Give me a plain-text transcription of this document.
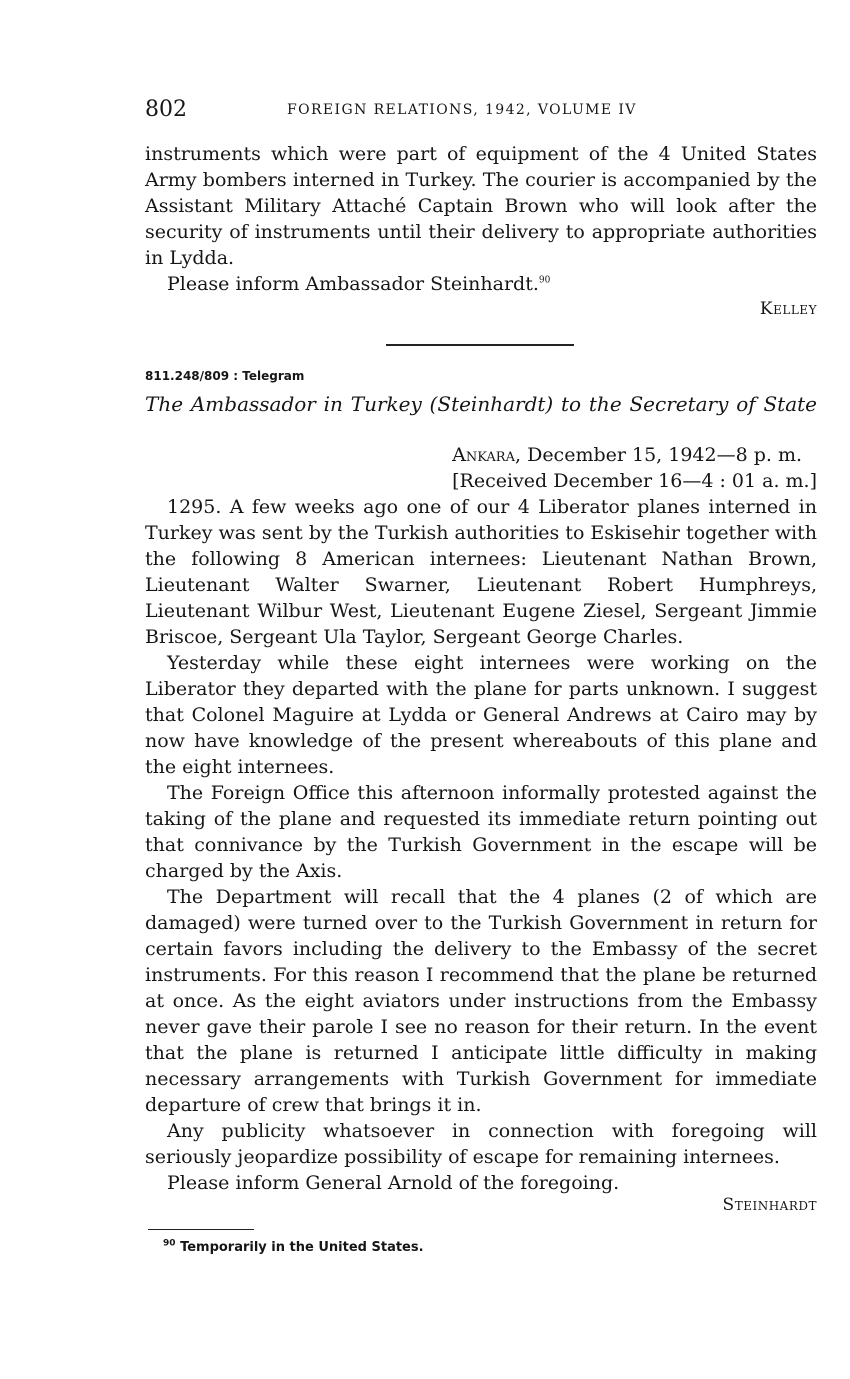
802	FOREIGN RELATIONS, 1942, VOLUME IV

instruments which were part of equipment of the 4 United States Army bombers interned in Turkey. The courier is accompanied by the Assistant Military Attaché Captain Brown who will look after the security of instruments until their delivery to appropriate authorities in Lydda.

Please inform Ambassador Steinhardt.$^{90}$

Kelley
811.248/809 : Telegram
The Ambassador in Turkey (Steinhardt) to the Secretary of State
Ankara, December 15, 1942—8 p. m.
[Received December 16—4 : 01 a. m.]

1295. A few weeks ago one of our 4 Liberator planes interned in Turkey was sent by the Turkish authorities to Eskisehir together with the following 8 American internees: Lieutenant Nathan Brown, Lieutenant Walter Swarner, Lieutenant Robert Humphreys, Lieutenant Wilbur West, Lieutenant Eugene Ziesel, Sergeant Jimmie Briscoe, Sergeant Ula Taylor, Sergeant George Charles.

Yesterday while these eight internees were working on the Liberator they departed with the plane for parts unknown. I suggest that Colonel Maguire at Lydda or General Andrews at Cairo may by now have knowledge of the present whereabouts of this plane and the eight internees.

The Foreign Office this afternoon informally protested against the taking of the plane and requested its immediate return pointing out that connivance by the Turkish Government in the escape will be charged by the Axis.

The Department will recall that the 4 planes (2 of which are damaged) were turned over to the Turkish Government in return for certain favors including the delivery to the Embassy of the secret instruments. For this reason I recommend that the plane be returned at once. As the eight aviators under instructions from the Embassy never gave their parole I see no reason for their return. In the event that the plane is returned I anticipate little difficulty in making necessary arrangements with Turkish Government for immediate departure of crew that brings it in.

Any publicity whatsoever in connection with foregoing will seriously jeopardize possibility of escape for remaining internees.

Please inform General Arnold of the foregoing.

Steinhardt
$^{90}$ Temporarily in the United States.
